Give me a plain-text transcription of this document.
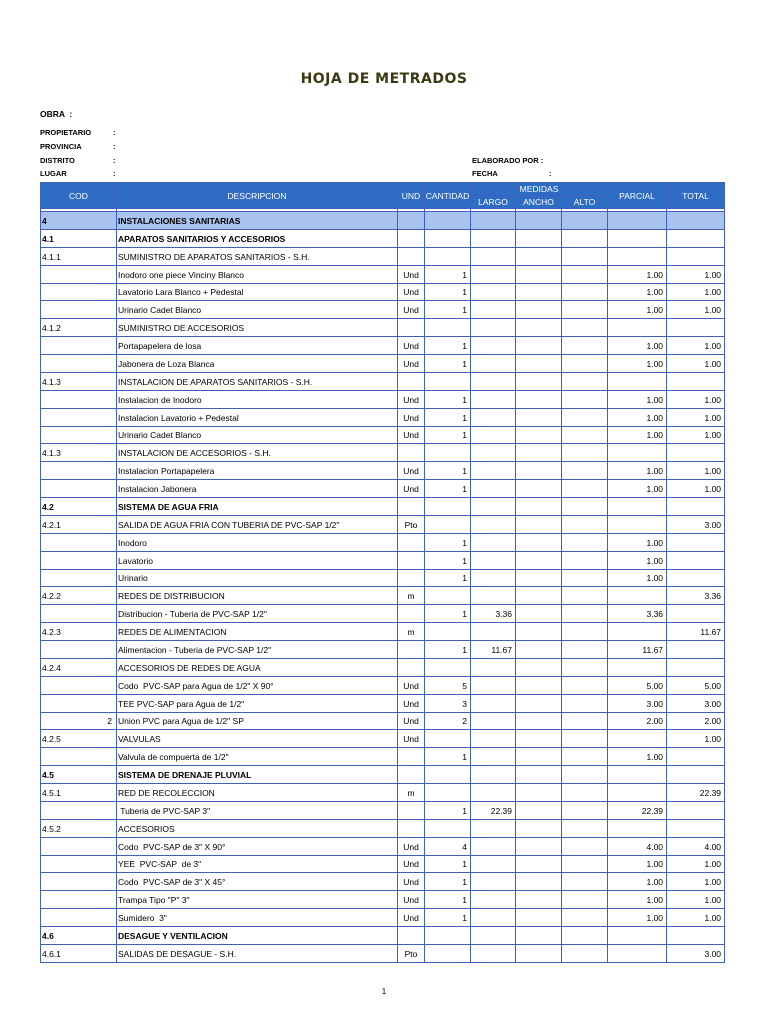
HOJA DE METRADOS
OBRA  :
PROPIETARIO
PROVINCIA
DISTRITO
LUGAR
:
:
:
:
ELABORADO POR :
FECHA	:
COD	DESCRIPCION	UND	CANTIDAD	MEDIDAS			PARCIAL	TOTAL
				LARGO	ANCHO	ALTO		

4	INSTALACIONES SANITARIAS							
4.1	APARATOS SANITARIOS Y ACCESORIOS							
4.1.1	SUMINISTRO DE APARATOS SANITARIOS - S.H.							
	Inodoro one piece Vinciny Blanco	Und	1				1.00	1.00
	Lavatorio Lara Blanco + Pedestal	Und	1				1.00	1.00
	Urinario Cadet Blanco	Und	1				1.00	1.00
4.1.2	SUMINISTRO DE ACCESORIOS							
	Portapapelera de losa	Und	1				1.00	1.00
	Jabonera de Loza Blanca	Und	1				1.00	1.00
4.1.3	INSTALACION DE APARATOS SANITARIOS - S.H.							
	Instalacion de Inodoro	Und	1				1.00	1.00
	Instalacion Lavatorio + Pedestal	Und	1				1.00	1.00
	Urinario Cadet Blanco	Und	1				1.00	1.00
4.1.3	INSTALACION DE ACCESORIOS - S.H.							
	Instalacion Portapapelera	Und	1				1.00	1.00
	Instalacion Jabonera	Und	1				1.00	1.00
4.2	SISTEMA DE AGUA FRIA							
4.2.1	SALIDA DE AGUA FRIA CON TUBERIA DE PVC-SAP 1/2"	Pto						3.00
	Inodoro		1				1.00	
	Lavatorio		1				1.00	
	Urinario		1				1.00	
4.2.2	REDES DE DISTRIBUCION	m						3.36
	Distribucion - Tuberia de PVC-SAP 1/2"		1	3.36			3.36	
4.2.3	REDES DE ALIMENTACION	m						11.67
	Alimentacion - Tuberia de PVC-SAP 1/2"		1	11.67			11.67	
4.2.4	ACCESORIOS DE REDES DE AGUA							
	Codo  PVC-SAP para Agua de 1/2" X 90°	Und	5				5.00	5.00
	TEE PVC-SAP para Agua de 1/2"	Und	3				3.00	3.00
2	Union PVC para Agua de 1/2" SP	Und	2				2.00	2.00
4.2.5	VALVULAS	Und						1.00
	Valvula de compuerta de 1/2"		1				1.00	
4.5	SISTEMA DE DRENAJE PLUVIAL							
4.5.1	RED DE RECOLECCION	m						22.39
	Tuberia de PVC-SAP 3"		1	22.39			22.39	
4.5.2	ACCESORIOS							
	Codo  PVC-SAP de 3" X 90°	Und	4				4.00	4.00
	YEE  PVC-SAP  de 3"	Und	1				1.00	1.00
	Codo  PVC-SAP de 3" X 45°	Und	1				1.00	1.00
	Trampa Tipo "P" 3"	Und	1				1.00	1.00
	Sumidero  3"	Und	1				1.00	1.00
4.6	DESAGUE Y VENTILACION							
4.6.1	SALIDAS DE DESAGUE - S.H.	Pto						3.00
1
